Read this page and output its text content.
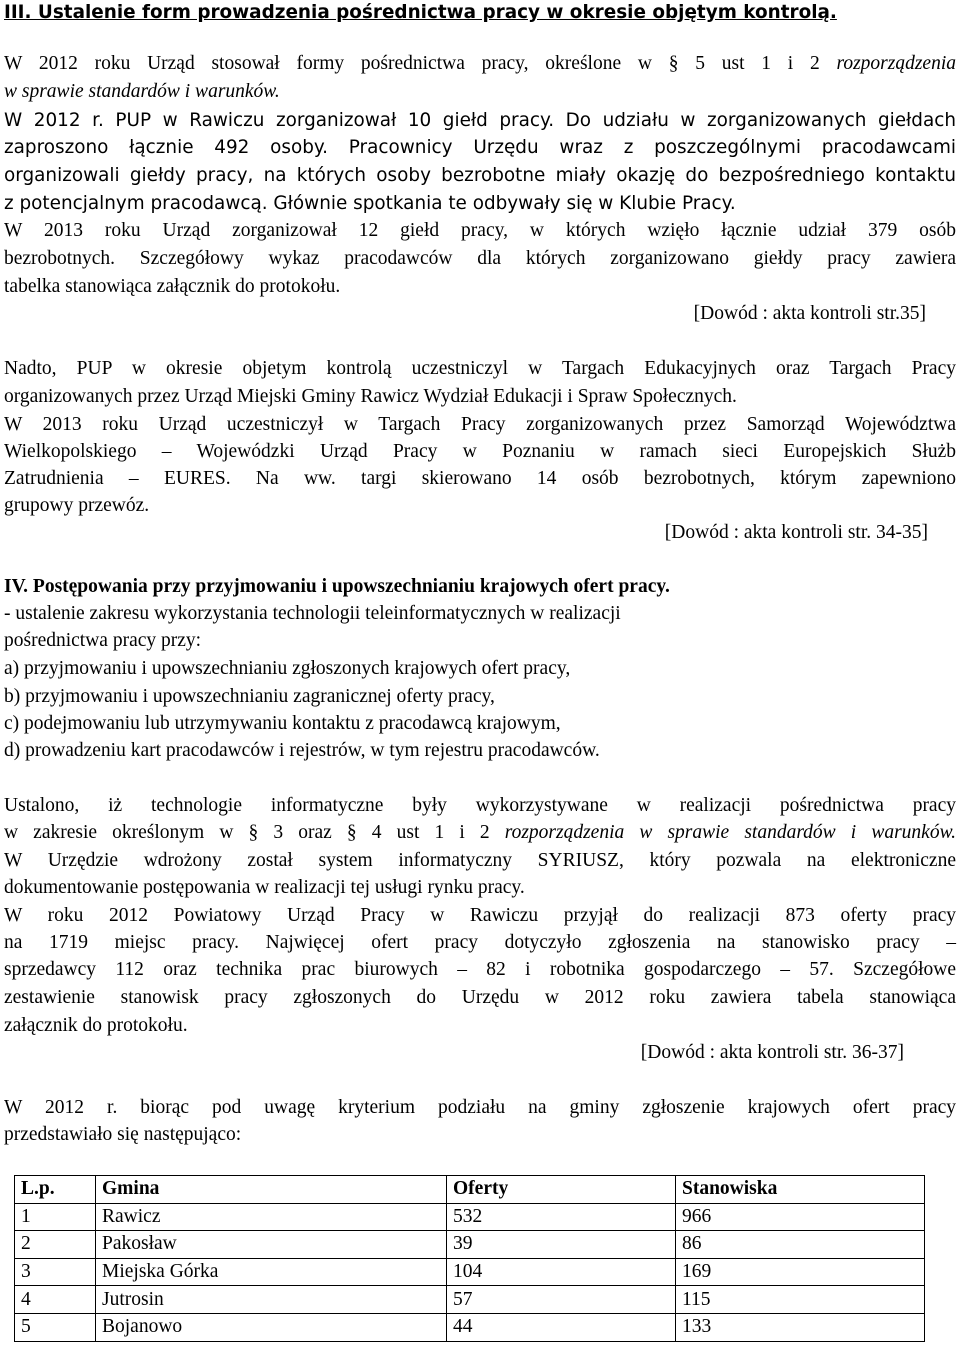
III. Ustalenie form prowadzenia pośrednictwa pracy w okresie objętym kontrolą.
W 2012 roku Urząd stosował formy pośrednictwa pracy, określone w § 5 ust 1 i 2 rozporządzenia
w sprawie standardów i warunków.
W 2012 r. PUP w Rawiczu zorganizował 10 giełd pracy. Do udziału w zorganizowanych giełdach
zaproszono łącznie 492 osoby. Pracownicy Urzędu wraz z poszczególnymi pracodawcami
organizowali giełdy pracy, na których osoby bezrobotne miały okazję do bezpośredniego kontaktu
z potencjalnym pracodawcą. Głównie spotkania te odbywały się w Klubie Pracy.
W 2013 roku Urząd zorganizował 12 giełd pracy, w których wzięło łącznie udział 379 osób
bezrobotnych. Szczegółowy wykaz pracodawców dla których zorganizowano giełdy pracy zawiera
tabelka stanowiąca załącznik do protokołu.
[Dowód : akta kontroli str.35]
Nadto, PUP w okresie objetym kontrolą uczestniczyl w Targach Edukacyjnych oraz Targach Pracy
organizowanych przez Urząd Miejski Gminy Rawicz Wydział Edukacji i Spraw Społecznych.
W 2013 roku Urząd uczestniczył w Targach Pracy zorganizowanych przez Samorząd Województwa
Wielkopolskiego – Wojewódzki Urząd Pracy w Poznaniu w ramach sieci Europejskich Służb
Zatrudnienia – EURES. Na ww. targi skierowano 14 osób bezrobotnych, którym zapewniono
grupowy przewóz.
[Dowód : akta kontroli str. 34-35]
IV. Postępowania przy przyjmowaniu i upowszechnianiu krajowych ofert pracy.
- ustalenie zakresu wykorzystania technologii teleinformatycznych w realizacji
pośrednictwa pracy przy:
a) przyjmowaniu i upowszechnianiu zgłoszonych krajowych ofert pracy,
b) przyjmowaniu i upowszechnianiu zagranicznej oferty pracy,
c) podejmowaniu lub utrzymywaniu kontaktu z pracodawcą krajowym,
d) prowadzeniu kart pracodawców i rejestrów, w tym rejestru pracodawców.
Ustalono, iż technologie informatyczne były wykorzystywane w realizacji pośrednictwa pracy
w zakresie określonym w § 3 oraz § 4 ust 1 i 2 rozporządzenia w sprawie standardów i warunków.
W Urzędzie wdrożony został system informatyczny SYRIUSZ, który pozwala na elektroniczne
dokumentowanie postępowania w realizacji tej usługi rynku pracy.
W roku 2012 Powiatowy Urząd Pracy w Rawiczu przyjął do realizacji 873 oferty pracy
na 1719 miejsc pracy. Najwięcej ofert pracy dotyczyło zgłoszenia na stanowisko pracy –
sprzedawcy 112 oraz technika prac biurowych – 82 i robotnika gospodarczego – 57. Szczegółowe
zestawienie stanowisk pracy zgłoszonych do Urzędu w 2012 roku zawiera tabela stanowiąca
załącznik do protokołu.
[Dowód : akta kontroli str. 36-37]
W 2012 r. biorąc pod uwagę kryterium podziału na gminy zgłoszenie krajowych ofert pracy
przedstawiało się następująco:
L.p.	Gmina	Oferty	Stanowiska
1	Rawicz	532	966
2	Pakosław	39	86
3	Miejska Górka	104	169
4	Jutrosin	57	115
5	Bojanowo	44	133
